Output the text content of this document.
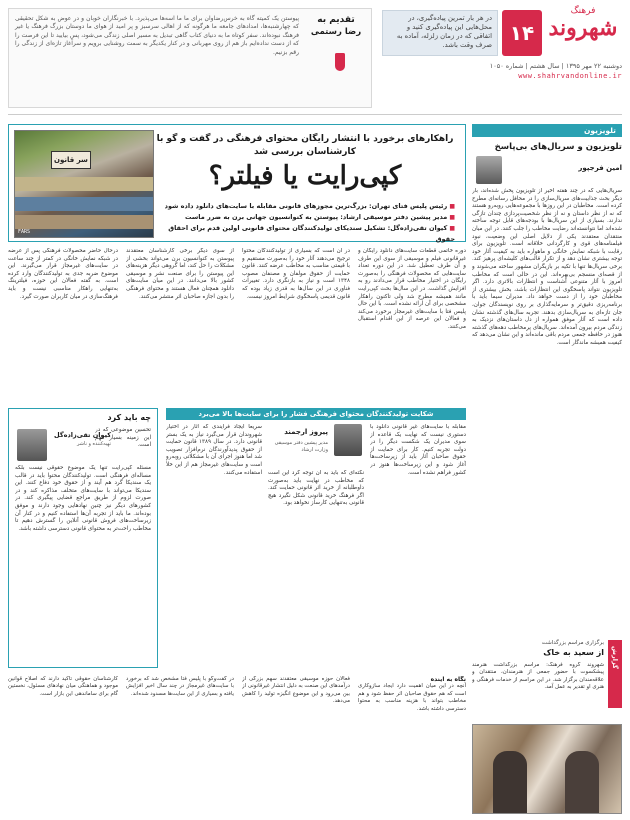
فرهنگ
شهروند
دوشنبه ۲۲ مهر ۱۳۹۵ | سال هشتم | شماره ۱۰۵۰
www.shahrvandonline.ir
۱۴
در هر بار تمرین پیاده‌گیری، در محل‌هایی این پیاده‌گیری کنید و اتفاقی که در زمان زلزله، آماده به صرف وقت باشد.
تقدیم به
رضا رستمی
پیوستن یک کمیته گاه به خرس‌رضاوان برای ما ما اسه‌ها می‌پذیرد. با خبرنگاران خوبان و در عوض به شکل تحقیقی که چهارشنبه‌ها، امدادهای جامعه ما هرگونه که از اهالی سرسبز و پر امید از هوای ما دوستان بزرگ فرهنگ یا غیر فرهنگ نبوده‌اند. سفر کوتاه ما به دنیای کتاب گاهی تبدیل به مسیر اصلی زندگی می‌شود، پس بیایید تا این فرصت را که از دست نداده‌ایم باز هم از روی مهربانی و در کنار یکدیگر به سمت روشنایی برویم و سرآغاز تازه‌ای از زندگی را رقم بزنیم.
سر قانون
FARS
راهکارهای برخورد با انتشار رایگان محتوای فرهنگی در گفت و گو با کارشناسان بررسی شد
کپی‌رایت یا فیلتر؟
■ رئیس پلیس فتای تهران: بزرگ‌ترین مجوزهای قانونی مقابله با سایت‌های دانلود داده شود
■ مدیر پیشین دفتر موسیقی ارشاد: پیوستن به کنوانسیون جهانی برن به ضرر ماست
■ کیوان تقی‌زاده‌گل: تشکیل سندیکای تولیدکنندگان محتوای قانونی اولین قدم برای احقاق حقوق
دوره خاتمی قطعات سایت‌های دانلود رایگان و غیرقانونی فیلم و موسیقی از سوی این طرف و آن طرف تعطیل شد. در این دوره تعداد سایت‌هایی که محصولات فرهنگی را به‌صورت رایگان در اختیار مخاطب قرار می‌دادند رو به افزایش گذاشت. در این سال‌ها بحث کپی‌رایت مانند همیشه مطرح شد ولی تاکنون راهکار مشخصی برای آن ارائه نشده است. با این حال پلیس فتا با سایت‌های غیرمجاز برخورد می‌کند و فعالان این عرصه از این اقدام استقبال می‌کنند.
در آن است که بسیاری از تولیدکنندگان محتوا ترجیح می‌دهند آثار خود را به‌صورت مستقیم و با قیمتی مناسب به مخاطب عرضه کنند. قانون حمایت از حقوق مولفان و مصنفان مصوب ۱۳۴۸ است و نیاز به بازنگری دارد. تغییرات فناوری در این سال‌ها به قدری زیاد بوده که قانون قدیمی پاسخگوی شرایط امروز نیست.
از سوی دیگر برخی کارشناسان معتقدند پیوستن به کنوانسیون برن می‌تواند بخشی از مشکلات را حل کند، اما گروهی دیگر هزینه‌های این پیوستن را برای صنعت نشر و موسیقی کشور بالا می‌دانند. در این میان سایت‌های دانلود همچنان فعال هستند و محتوای فرهنگی را بدون اجازه صاحبان اثر منتشر می‌کنند.
درحال حاضر محصولات فرهنگی پس از عرضه در شبکه نمایش خانگی در کمتر از چند ساعت در سایت‌های غیرمجاز قرار می‌گیرند. این موضوع ضربه جدی به تولیدکنندگان وارد کرده است. به گفته فعالان این حوزه، فیلترینگ به‌تنهایی راهکار مناسبی نیست و باید فرهنگ‌سازی در میان کاربران صورت گیرد.
شکایت تولیدکنندگان محتوای فرهنگی فشار را برای سایت‌ها بالا می‌برد
مقابله با سایت‌های غیر قانونی دانلود با دستوری نیست که نهایت یک قاعده از سوی مدیران یک شکست دیگر را در دولت تجربه کنیم. کار برای حمایت از حقوق صاحبان آثار باید از زیرساخت‌ها آغاز شود و این زیرساخت‌ها هنوز در کشور فراهم نشده است.
پیروز ارجمند
مدیر پیشین دفتر موسیقی وزارت ارشاد
نکته‌ای که باید به آن توجه کرد این است که مخاطب در نهایت باید به‌صورت داوطلبانه از خرید اثر قانونی حمایت کند. اگر فرهنگ خرید قانونی شکل نگیرد هیچ قانونی به‌تنهایی کارساز نخواهد بود.
سریعا ایجاد فرآیندی که آثار در اختیار شهروندان قرار می‌گیرد نیاز به یک بستر قانونی دارد. در سال ۱۳۸۹ قانون حمایت از حقوق پدیدآورندگان نرم‌افزار تصویب شد اما هنوز اجرای آن با مشکلاتی روبه‌رو است و سایت‌های غیرمجاز هم از این خلأ استفاده می‌کنند.
چه باید کرد
تحسین موضوعی که در این زمینه بسیار مهم است.
کیوان تقی‌زاده‌گل
تهیه‌کننده و ناشر
مسئله کپی‌رایت تنها یک موضوع حقوقی نیست بلکه مساله‌ای فرهنگی است. تولیدکنندگان محتوا باید در قالب یک سندیکا گرد هم آیند و از حقوق خود دفاع کنند. این سندیکا می‌تواند با سایت‌های متخلف مذاکره کند و در صورت لزوم از طریق مراجع قضایی پیگیری کند. در کشورهای دیگر نیز چنین نهادهایی وجود دارند و موفق بوده‌اند. ما باید از تجربه آن‌ها استفاده کنیم و در کنار آن زیرساخت‌های فروش قانونی آنلاین را گسترش دهیم تا مخاطب راحت‌تر به محتوای قانونی دسترسی داشته باشد.
نگاه به آینده
آنچه در این میان اهمیت دارد ایجاد سازوکاری است که هم حقوق صاحبان اثر حفظ شود و هم مخاطب بتواند با هزینه مناسب به محتوا دسترسی داشته باشد.
فعالان حوزه موسیقی معتقدند سهم بزرگی از درآمدهای این صنعت به دلیل انتشار غیرقانونی از بین می‌رود و این موضوع انگیزه تولید را کاهش می‌دهد.
در گفت‌وگو با پلیس فتا مشخص شد که برخورد با سایت‌های غیرمجاز در چند سال اخیر افزایش یافته و بسیاری از این سایت‌ها مسدود شده‌اند.
کارشناسان حقوقی تاکید دارند که اصلاح قوانین موجود و هماهنگی میان نهادهای مسئول، نخستین گام برای ساماندهی این بازار است.
تلویزیون
تلویزیون و سریال‌های بی‌پاسخ
امین فرجپور
سریال‌هایی که در چند هفته اخیر از تلویزیون پخش شده‌اند، بار دیگر بحث جذابیت‌های سریال‌سازی را در محافل رسانه‌ای مطرح کرده است. مخاطبان در این روزها با مجموعه‌هایی روبه‌رو هستند که نه از نظر داستان و نه از نظر شخصیت‌پردازی چندان تازگی ندارند. بسیاری از این سریال‌ها با بودجه‌های قابل توجه ساخته شده‌اند اما نتوانسته‌اند رضایت مخاطب را جلب کنند. در این میان منتقدان معتقدند یکی از دلایل اصلی این وضعیت، نبود فیلمنامه‌های قوی و کارگردانی خلاقانه است. تلویزیون برای رقابت با شبکه نمایش خانگی و ماهواره باید به کیفیت آثار خود توجه بیشتری نشان دهد و از تکرار قالب‌های کلیشه‌ای پرهیز کند. برخی سریال‌ها تنها با تکیه بر بازیگران مشهور ساخته می‌شوند و از قصه‌ای منسجم بی‌بهره‌اند. این در حالی است که مخاطب امروز با آثار متنوعی آشناست و انتظارات بالاتری دارد. اگر تلویزیون نتواند پاسخگوی این انتظارات باشد، بخش بیشتری از مخاطبان خود را از دست خواهد داد. مدیران سیما باید با برنامه‌ریزی دقیق‌تر و سرمایه‌گذاری بر روی نویسندگان جوان، جان تازه‌ای به سریال‌سازی بدهند. تجربه سال‌های گذشته نشان داده است که آثار موفق همواره از دل داستان‌های نزدیک به زندگی مردم بیرون آمده‌اند. سریال‌های پرمخاطب دهه‌های گذشته هنوز در حافظه جمعی مردم باقی مانده‌اند و این نشان می‌دهد که کیفیت همیشه ماندگار است.
گزارش
برگزاری مراسم بزرگداشت
از سعید به خاک
شهروند گروه فرهنگ: مراسم بزرگداشت هنرمند پیشکسوت با حضور جمعی از هنرمندان، منتقدان و علاقه‌مندان برگزار شد. در این مراسم از خدمات فرهنگی و هنری او تقدیر به عمل آمد.
